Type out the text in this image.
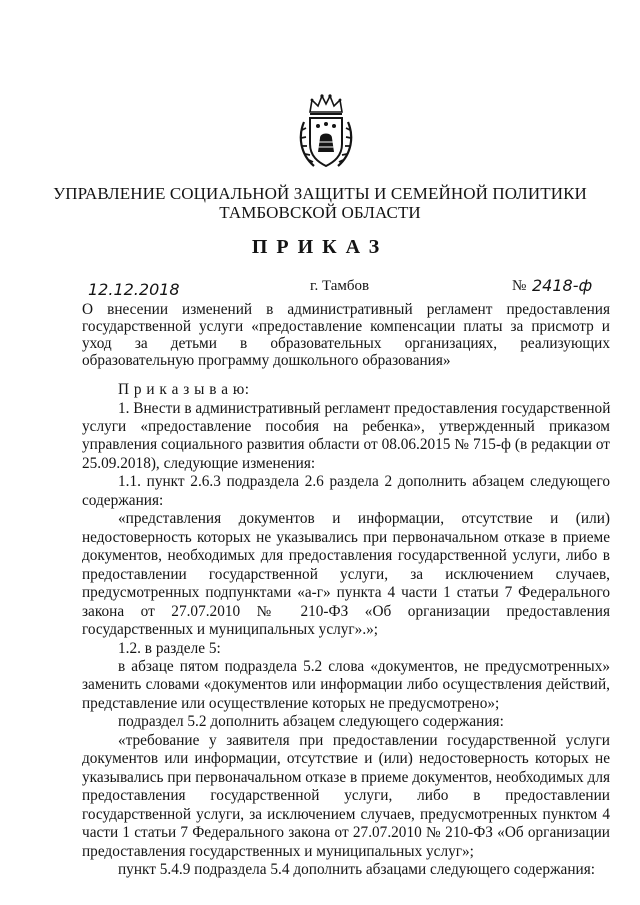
УПРАВЛЕНИЕ СОЦИАЛЬНОЙ ЗАЩИТЫ И СЕМЕЙНОЙ ПОЛИТИКИ
ТАМБОВСКОЙ ОБЛАСТИ
ПРИКАЗ
12.12.2018	г. Тамбов	№ 2418-ф
О внесении изменений в административный регламент предоставления
государственной услуги «предоставление компенсации платы за присмотр и
уход за детьми в образовательных организациях, реализующих
образовательную программу дошкольного образования»
П р и к а з ы в а ю:
1. Внести в административный регламент предоставления государственной
услуги «предоставление пособия на ребенка», утвержденный приказом
управления социального развития области от 08.06.2015 № 715-ф (в редакции от
25.09.2018), следующие изменения:
1.1. пункт 2.6.3 подраздела 2.6 раздела 2 дополнить абзацем следующего
содержания:
«представления документов и информации, отсутствие и (или)
недостоверность которых не указывались при первоначальном отказе в приеме
документов, необходимых для предоставления государственной услуги, либо в
предоставлении государственной услуги, за исключением случаев,
предусмотренных подпунктами «а-г» пункта 4 части 1 статьи 7 Федерального
закона от 27.07.2010 № 210-ФЗ «Об организации предоставления
государственных и муниципальных услуг».»;
1.2. в разделе 5:
в абзаце пятом подраздела 5.2 слова «документов, не предусмотренных»
заменить словами «документов или информации либо осуществления действий,
представление или осуществление которых не предусмотрено»;
подраздел 5.2 дополнить абзацем следующего содержания:
«требование у заявителя при предоставлении государственной услуги
документов или информации, отсутствие и (или) недостоверность которых не
указывались при первоначальном отказе в приеме документов, необходимых для
предоставления государственной услуги, либо в предоставлении
государственной услуги, за исключением случаев, предусмотренных пунктом 4
части 1 статьи 7 Федерального закона от 27.07.2010 № 210-ФЗ «Об организации
предоставления государственных и муниципальных услуг»;
пункт 5.4.9 подраздела 5.4 дополнить абзацами следующего содержания:
